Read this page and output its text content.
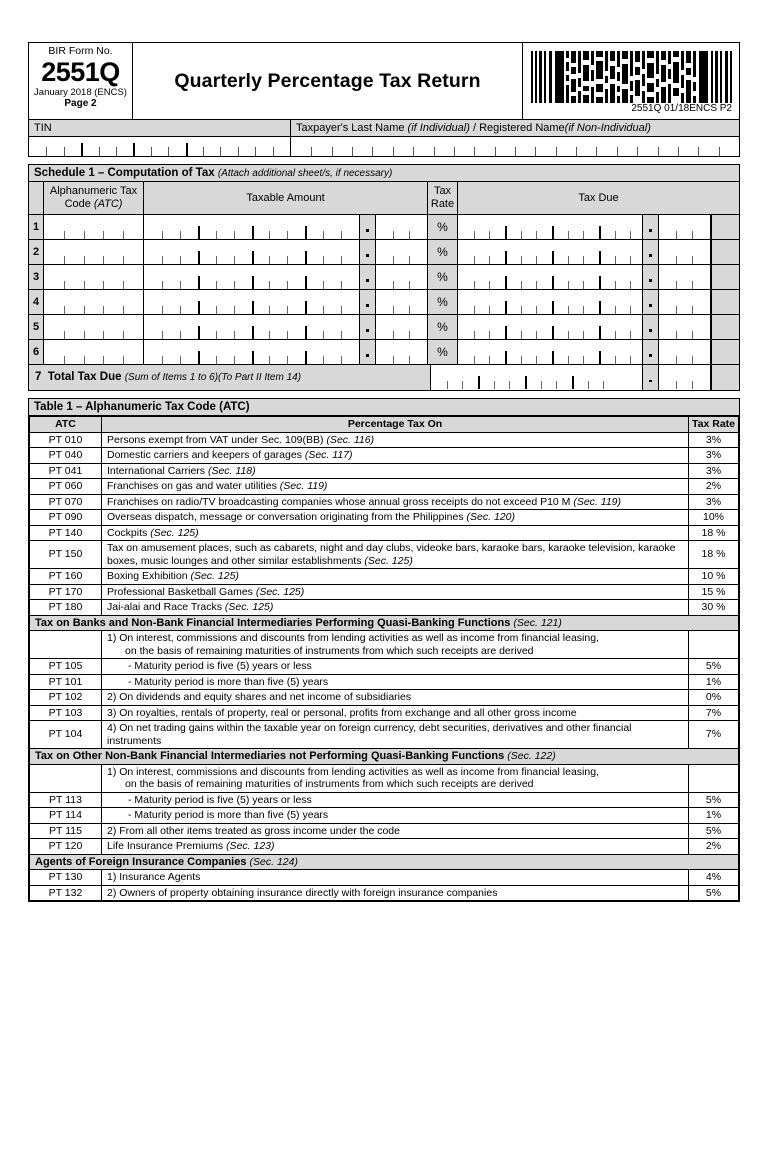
BIR Form No.
2551Q
January 2018 (ENCS)
Page 2
Quarterly Percentage Tax Return
2551Q 01/18ENCS P2
TIN	Taxpayer's Last Name (if Individual) / Registered Name(if Non-Individual)
Schedule 1 – Computation of Tax (Attach additional sheet/s, if necessary)

Alphanumeric Tax
Code (ATC)	Taxable Amount
Tax
Rate	Tax Due
1	%
2	%
3	%
4	%
5	%
6	%
7 Total Tax Due (Sum of Items 1 to 6)(To Part II Item 14)
Table 1 – Alphanumeric Tax Code (ATC)
ATC	Percentage Tax On	Tax Rate
PT 010	Persons exempt from VAT under Sec. 109(BB) (Sec. 116)	3%
PT 040	Domestic carriers and keepers of garages (Sec. 117)	3%
PT 041	International Carriers (Sec. 118)	3%
PT 060	Franchises on gas and water utilities (Sec. 119)	2%
PT 070	Franchises on radio/TV broadcasting companies whose annual gross receipts do not exceed P10 M (Sec. 119)	3%
PT 090	Overseas dispatch, message or conversation originating from the Philippines (Sec. 120)	10%
PT 140	Cockpits (Sec. 125)	18 %
PT 150	Tax on amusement places, such as cabarets, night and day clubs, videoke bars, karaoke bars, karaoke television, karaoke
boxes, music lounges and other similar establishments (Sec. 125)	18 %
PT 160	Boxing Exhibition (Sec. 125)	10 %
PT 170	Professional Basketball Games (Sec. 125)	15 %
PT 180	Jai-alai and Race Tracks (Sec. 125)	30 %
Tax on Banks and Non-Bank Financial Intermediaries Performing Quasi-Banking Functions (Sec. 121)		
	1) On interest, commissions and discounts from lending activities as well as income from financial leasing,
on the basis of remaining maturities of instruments from which such receipts are derived	
PT 105	- Maturity period is five (5) years or less	5%
PT 101	- Maturity period is more than five (5) years	1%
PT 102	2) On dividends and equity shares and net income of subsidiaries	0%
PT 103	3) On royalties, rentals of property, real or personal, profits from exchange and all other gross income	7%
PT 104	4) On net trading gains within the taxable year on foreign currency, debt securities, derivatives and other financial instruments	7%
Tax on Other Non-Bank Financial Intermediaries not Performing Quasi-Banking Functions (Sec. 122)		
	1) On interest, commissions and discounts from lending activities as well as income from financial leasing,
on the basis of remaining maturities of instruments from which such receipts are derived	
PT 113	- Maturity period is five (5) years or less	5%
PT 114	- Maturity period is more than five (5) years	1%
PT 115	2) From all other items treated as gross income under the code	5%
PT 120	Life Insurance Premiums (Sec. 123)	2%
Agents of Foreign Insurance Companies (Sec. 124)		
PT 130	1) Insurance Agents	4%
PT 132	2) Owners of property obtaining insurance directly with foreign insurance companies	5%
